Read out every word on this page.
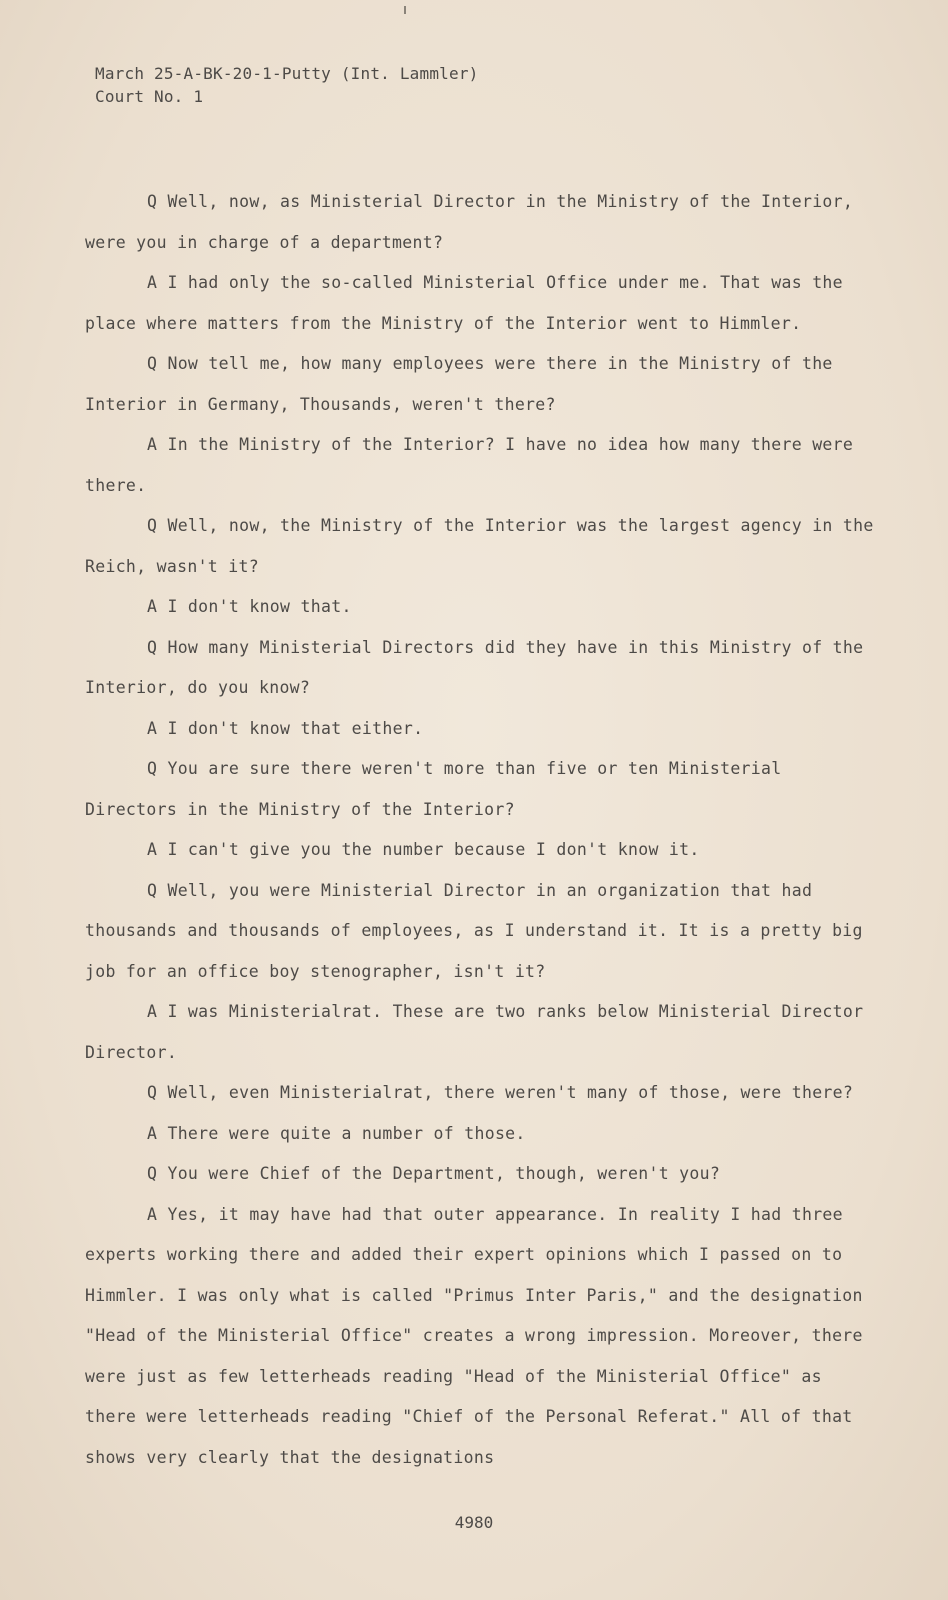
March 25-A-BK-20-1-Putty (Int. Lammler)
Court No. 1

Q Well, now, as Ministerial Director in the Ministry of the Interior, were you in charge of a department?

A I had only the so-called Ministerial Office under me. That was the place where matters from the Ministry of the Interior went to Himmler.

Q Now tell me, how many employees were there in the Ministry of the Interior in Germany, Thousands, weren't there?

A In the Ministry of the Interior? I have no idea how many there were there.

Q Well, now, the Ministry of the Interior was the largest agency in the Reich, wasn't it?

A I don't know that.

Q How many Ministerial Directors did they have in this Ministry of the Interior, do you know?

A I don't know that either.

Q You are sure there weren't more than five or ten Ministerial Directors in the Ministry of the Interior?

A I can't give you the number because I don't know it.

Q Well, you were Ministerial Director in an organization that had thousands and thousands of employees, as I understand it. It is a pretty big job for an office boy stenographer, isn't it?

A I was Ministerialrat. These are two ranks below Ministerial Director Director.

Q Well, even Ministerialrat, there weren't many of those, were there?

A There were quite a number of those.

Q You were Chief of the Department, though, weren't you?

A Yes, it may have had that outer appearance. In reality I had three experts working there and added their expert opinions which I passed on to Himmler. I was only what is called "Primus Inter Paris," and the designation "Head of the Ministerial Office" creates a wrong impression. Moreover, there were just as few letterheads reading "Head of the Ministerial Office" as there were letterheads reading "Chief of the Personal Referat." All of that shows very clearly that the designations

4980
